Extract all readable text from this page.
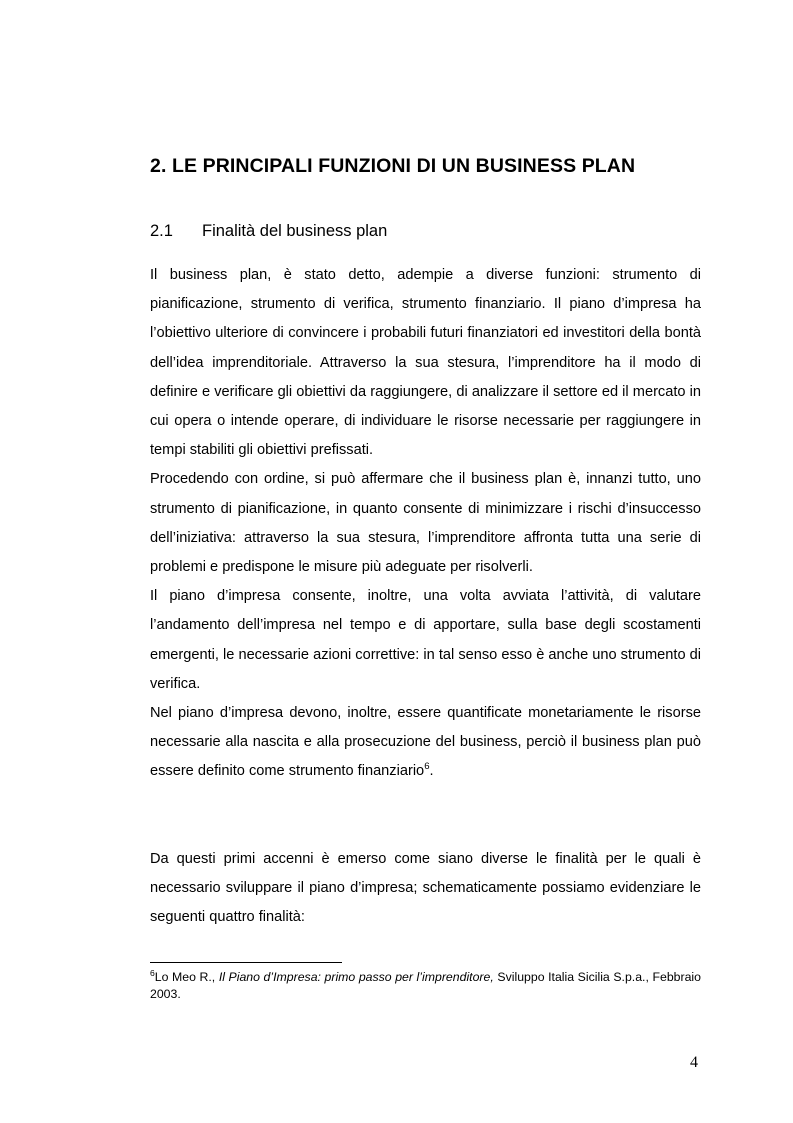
2. LE PRINCIPALI FUNZIONI DI UN BUSINESS PLAN
2.1 Finalità del business plan

Il business plan, è stato detto, adempie a diverse funzioni: strumento di pianificazione, strumento di verifica, strumento finanziario. Il piano d’impresa ha l’obiettivo ulteriore di convincere i probabili futuri finanziatori ed investitori della bontà dell’idea imprenditoriale. Attraverso la sua stesura, l’imprenditore ha il modo di definire e verificare gli obiettivi da raggiungere, di analizzare il settore ed il mercato in cui opera o intende operare, di individuare le risorse necessarie per raggiungere in tempi stabiliti gli obiettivi prefissati.

Procedendo con ordine, si può affermare che il business plan è, innanzi tutto, uno strumento di pianificazione, in quanto consente di minimizzare i rischi d’insuccesso dell’iniziativa: attraverso la sua stesura, l’imprenditore affronta tutta una serie di problemi e predispone le misure più adeguate per risolverli.

Il piano d’impresa consente, inoltre, una volta avviata l’attività, di valutare l’andamento dell’impresa nel tempo e di apportare, sulla base degli scostamenti emergenti, le necessarie azioni correttive: in tal senso esso è anche uno strumento di verifica.

Nel piano d’impresa devono, inoltre, essere quantificate monetariamente le risorse necessarie alla nascita e alla prosecuzione del business, perciò il business plan può essere definito come strumento finanziario$^6$.

Da questi primi accenni è emerso come siano diverse le finalità per le quali è necessario sviluppare il piano d’impresa; schematicamente possiamo evidenziare le seguenti quattro finalità:

$^6$Lo Meo R., Il Piano d’Impresa: primo passo per l’imprenditore, Sviluppo Italia Sicilia S.p.a., Febbraio 2003.
4
